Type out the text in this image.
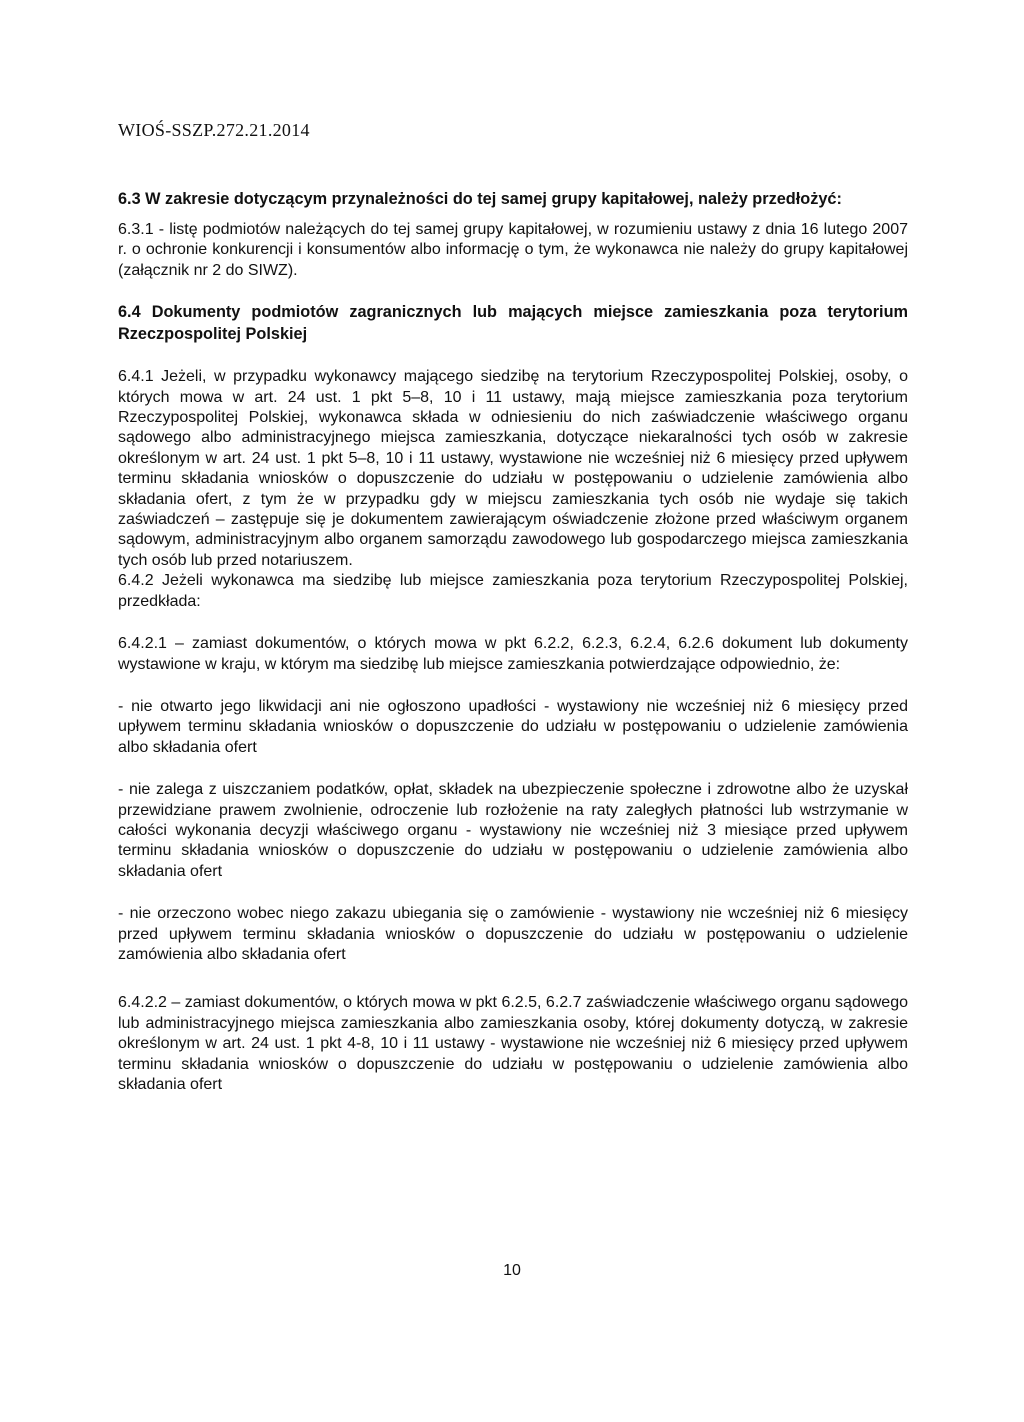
WIOŚ-SSZP.272.21.2014

6.3 W zakresie dotyczącym przynależności do tej samej grupy kapitałowej, należy przedłożyć:

6.3.1 - listę podmiotów należących do tej samej grupy kapitałowej, w rozumieniu ustawy z dnia 16 lutego 2007 r. o ochronie konkurencji i konsumentów albo informację o tym, że wykonawca nie należy do grupy kapitałowej (załącznik nr 2 do SIWZ).

6.4 Dokumenty podmiotów zagranicznych lub mających miejsce zamieszkania poza terytorium Rzeczpospolitej Polskiej

6.4.1 Jeżeli, w przypadku wykonawcy mającego siedzibę na terytorium Rzeczypospolitej Polskiej, osoby, o których mowa w art. 24 ust. 1 pkt 5–8, 10 i 11 ustawy, mają miejsce zamieszkania poza terytorium Rzeczypospolitej Polskiej, wykonawca składa w odniesieniu do nich zaświadczenie właściwego organu sądowego albo administracyjnego miejsca zamieszkania, dotyczące niekaralności tych osób w zakresie określonym w art. 24 ust. 1 pkt 5–8, 10 i 11 ustawy, wystawione nie wcześniej niż 6 miesięcy przed upływem terminu składania wniosków o dopuszczenie do udziału w postępowaniu o udzielenie zamówienia albo składania ofert, z tym że w przypadku gdy w miejscu zamieszkania tych osób nie wydaje się takich zaświadczeń – zastępuje się je dokumentem zawierającym oświadczenie złożone przed właściwym organem sądowym, administracyjnym albo organem samorządu zawodowego lub gospodarczego miejsca zamieszkania tych osób lub przed notariuszem.

6.4.2 Jeżeli wykonawca ma siedzibę lub miejsce zamieszkania poza terytorium Rzeczypospolitej Polskiej, przedkłada:

6.4.2.1 – zamiast dokumentów, o których mowa w pkt 6.2.2, 6.2.3, 6.2.4, 6.2.6 dokument lub dokumenty wystawione w kraju, w którym ma siedzibę lub miejsce zamieszkania potwierdzające odpowiednio, że:

- nie otwarto jego likwidacji ani nie ogłoszono upadłości - wystawiony nie wcześniej niż 6 miesięcy przed upływem terminu składania wniosków o dopuszczenie do udziału w postępowaniu o udzielenie zamówienia albo składania ofert

- nie zalega z uiszczaniem podatków, opłat, składek na ubezpieczenie społeczne i zdrowotne albo że uzyskał przewidziane prawem zwolnienie, odroczenie lub rozłożenie na raty zaległych płatności lub wstrzymanie w całości wykonania decyzji właściwego organu - wystawiony nie wcześniej niż 3 miesiące przed upływem terminu składania wniosków o dopuszczenie do udziału w postępowaniu o udzielenie zamówienia albo składania ofert

- nie orzeczono wobec niego zakazu ubiegania się o zamówienie - wystawiony nie wcześniej niż 6 miesięcy przed upływem terminu składania wniosków o dopuszczenie do udziału w postępowaniu o udzielenie zamówienia albo składania ofert

6.4.2.2 – zamiast dokumentów, o których mowa w pkt 6.2.5, 6.2.7 zaświadczenie właściwego organu sądowego lub administracyjnego miejsca zamieszkania albo zamieszkania osoby, której dokumenty dotyczą, w zakresie określonym w art. 24 ust. 1 pkt 4-8, 10 i 11 ustawy - wystawione nie wcześniej niż 6 miesięcy przed upływem terminu składania wniosków o dopuszczenie do udziału w postępowaniu o udzielenie zamówienia albo składania ofert

10
